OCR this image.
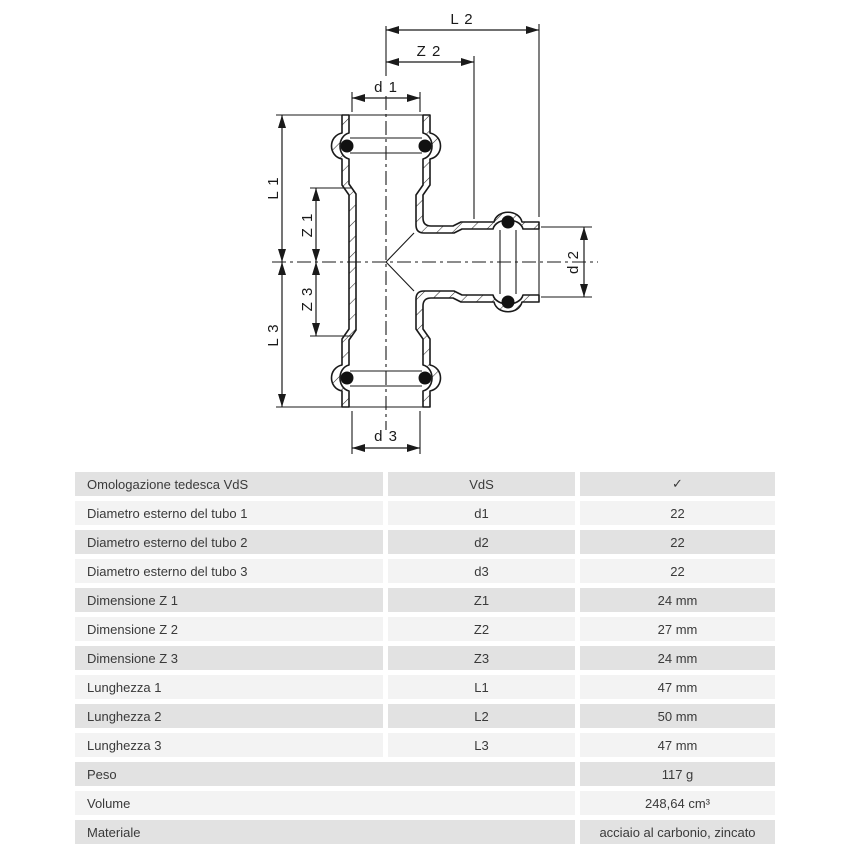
L 2
Z 2
d 1
d 3
L 1
Z 1
Z 3
L 3
d 2
Omologazione tedesca VdS	VdS	✓
Diametro esterno del tubo 1	d1	22
Diametro esterno del tubo 2	d2	22
Diametro esterno del tubo 3	d3	22
Dimensione Z 1	Z1	24 mm
Dimensione Z 2	Z2	27 mm
Dimensione Z 3	Z3	24 mm
Lunghezza 1	L1	47 mm
Lunghezza 2	L2	50 mm
Lunghezza 3	L3	47 mm
Peso		117 g
Volume		248,64 cm³
Materiale		acciaio al carbonio, zincato
